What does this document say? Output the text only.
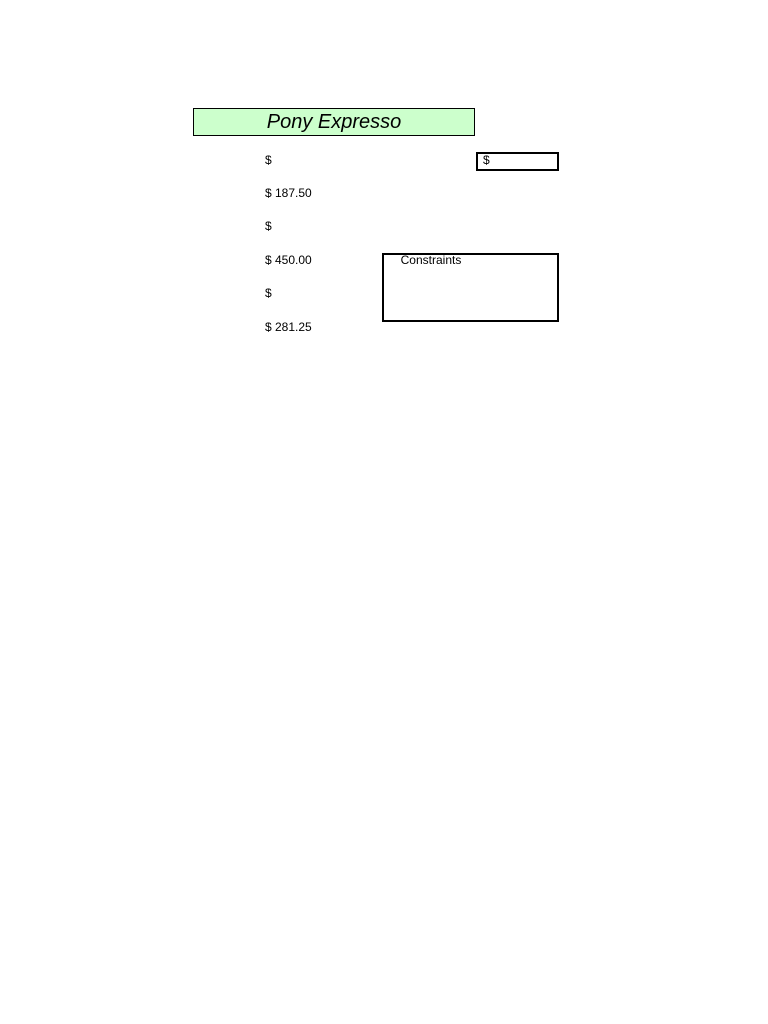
Pony Expresso
$
$ 187.50
$
$ 450.00
$
$ 281.25
$
Constraints
